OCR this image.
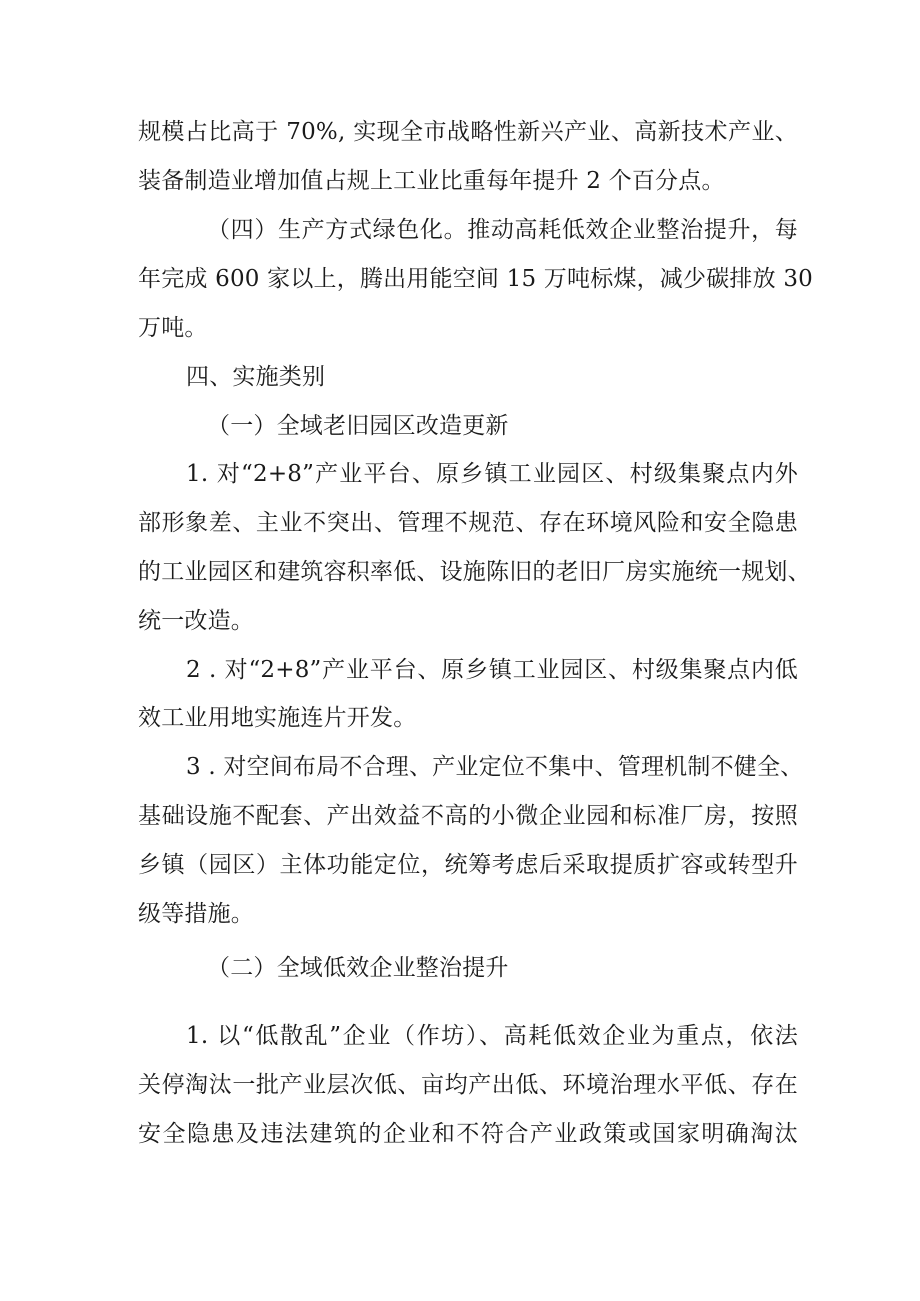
规模占比高于 70%, 实现全市战略性新兴产业、高新技术产业、
装备制造业增加值占规上工业比重每年提升 2 个百分点。
（四）生产方式绿色化。推动高耗低效企业整治提升，每
年完成 600 家以上，腾出用能空间 15 万吨标煤，减少碳排放 30
万吨。
四、实施类别
（一）全域老旧园区改造更新
1. 对“2+8”产业平台、原乡镇工业园区、村级集聚点内外
部形象差、主业不突出、管理不规范、存在环境风险和安全隐患
的工业园区和建筑容积率低、设施陈旧的老旧厂房实施统一规划、
统一改造。
2 . 对“2+8”产业平台、原乡镇工业园区、村级集聚点内低
效工业用地实施连片开发。
3 . 对空间布局不合理、产业定位不集中、管理机制不健全、
基础设施不配套、产出效益不高的小微企业园和标准厂房，按照
乡镇（园区）主体功能定位，统筹考虑后采取提质扩容或转型升
级等措施。
（二）全域低效企业整治提升
1. 以“低散乱”企业（作坊）、高耗低效企业为重点，依法
关停淘汰一批产业层次低、亩均产出低、环境治理水平低、存在
安全隐患及违法建筑的企业和不符合产业政策或国家明确淘汰
